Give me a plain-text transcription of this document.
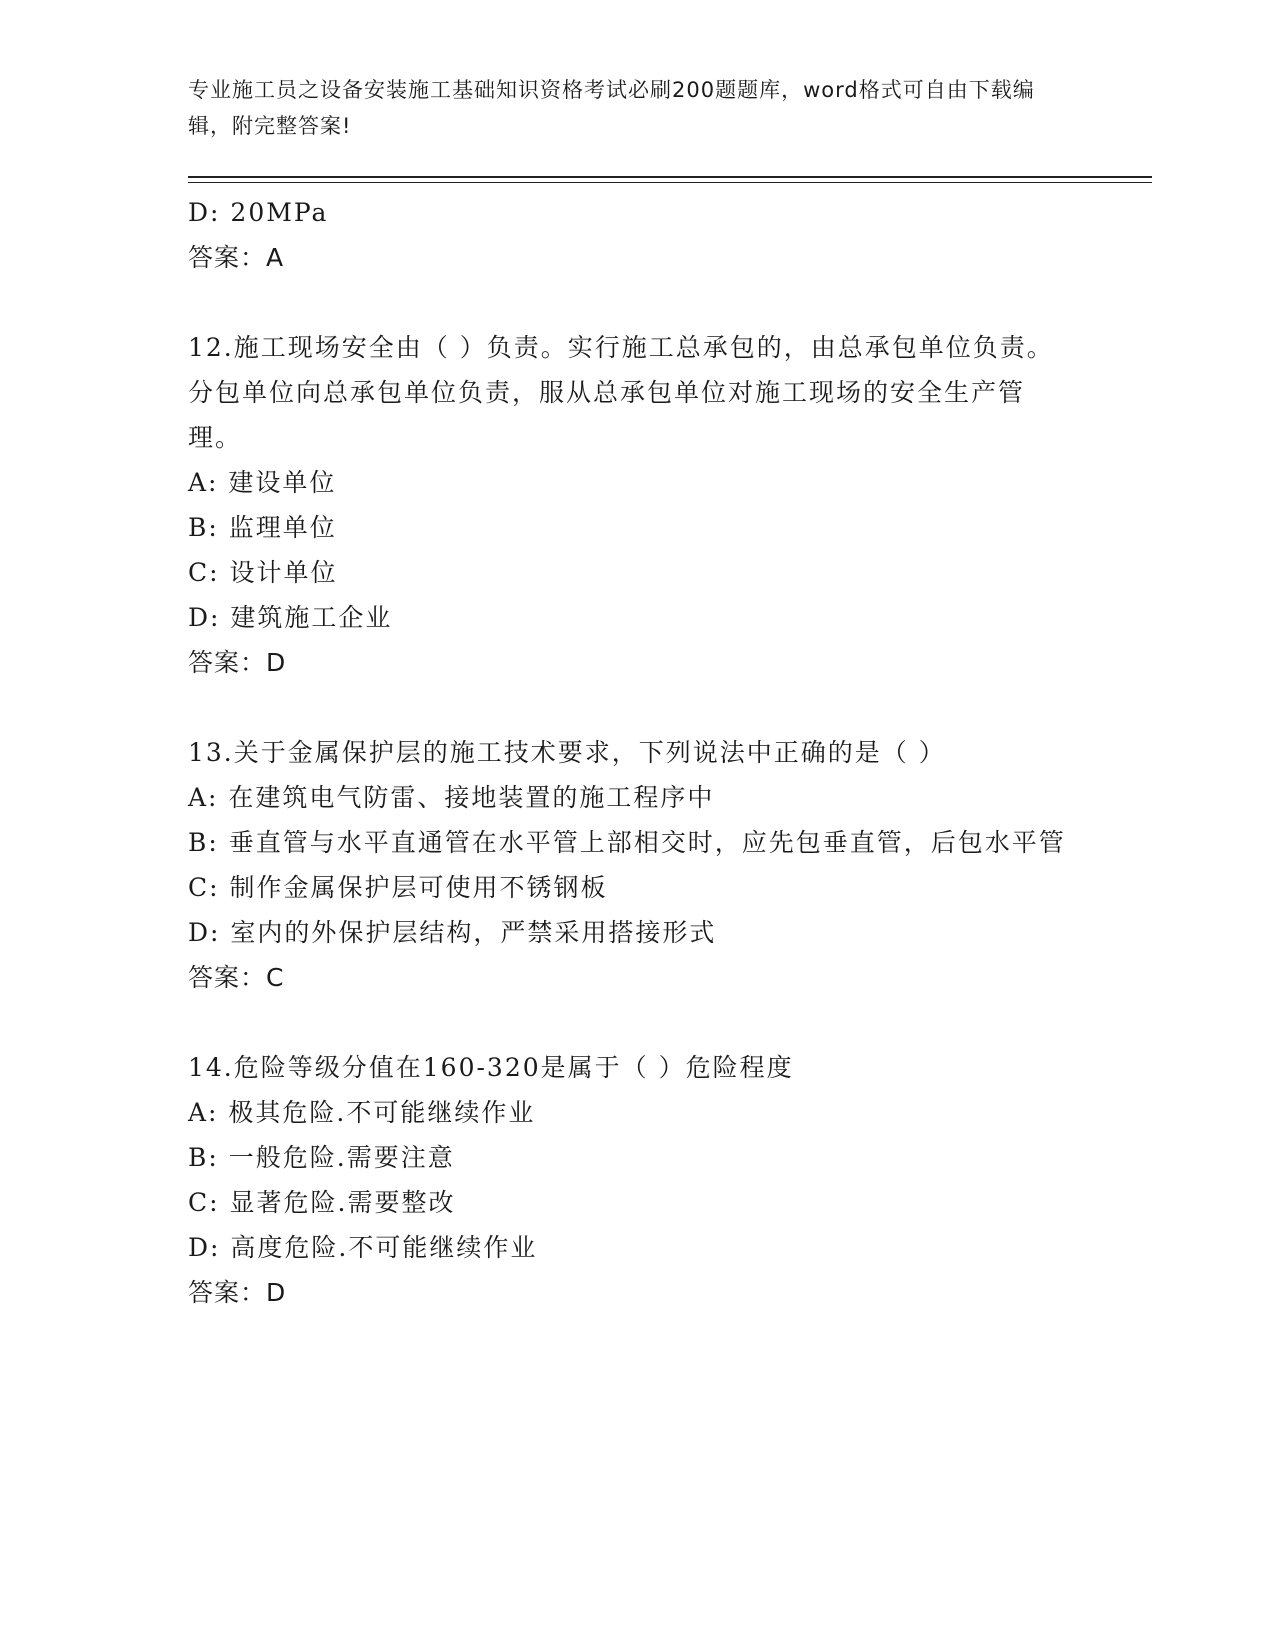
专业施工员之设备安装施工基础知识资格考试必刷200题题库，word格式可自由下载编辑，附完整答案!
D: 20MPa
答案：A
12.施工现场安全由（ ）负责。实行施工总承包的，由总承包单位负责。分包单位向总承包单位负责，服从总承包单位对施工现场的安全生产管理。
A: 建设单位
B: 监理单位
C: 设计单位
D: 建筑施工企业
答案：D
13.关于金属保护层的施工技术要求，下列说法中正确的是（ ）
A: 在建筑电气防雷、接地装置的施工程序中
B: 垂直管与水平直通管在水平管上部相交时，应先包垂直管，后包水平管
C: 制作金属保护层可使用不锈钢板
D: 室内的外保护层结构，严禁采用搭接形式
答案：C
14.危险等级分值在160-320是属于（ ）危险程度
A: 极其危险.不可能继续作业
B: 一般危险.需要注意
C: 显著危险.需要整改
D: 高度危险.不可能继续作业
答案：D
